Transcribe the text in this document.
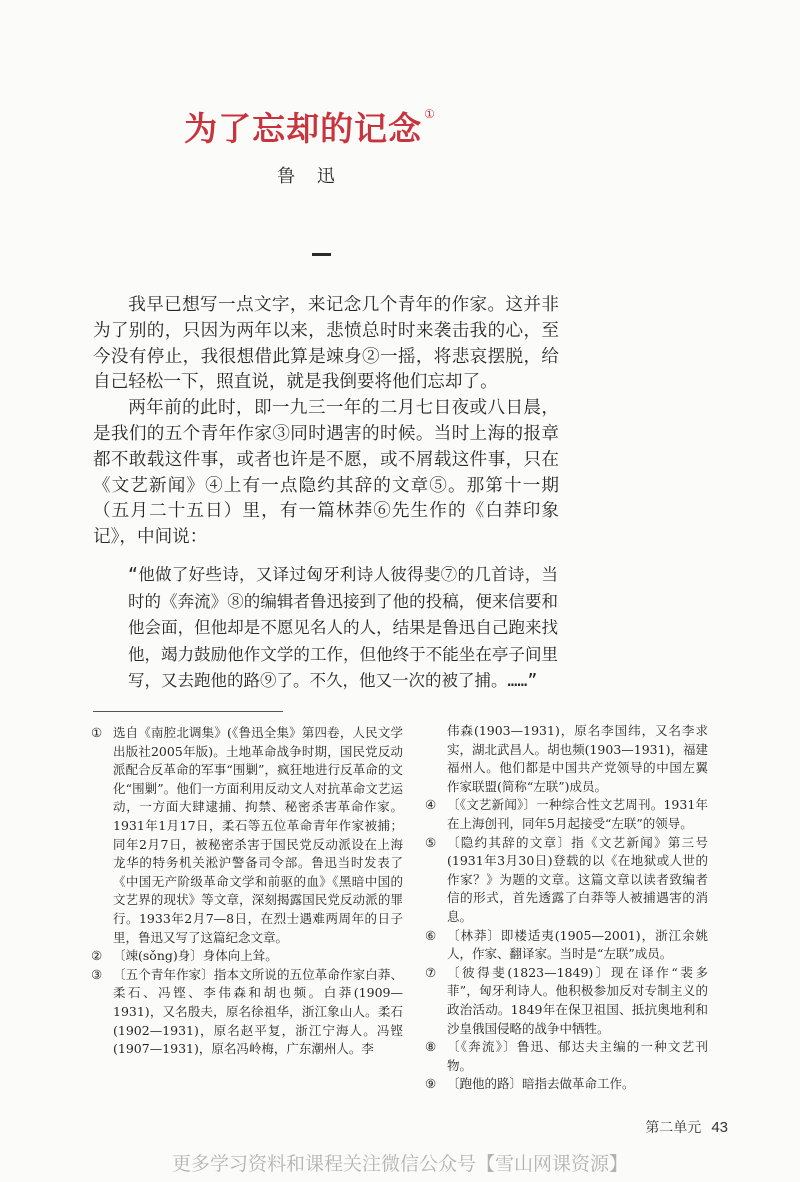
为了忘却的记念 ①
鲁 迅

我早已想写一点文字，来记念几个青年的作家。这并非为了别的，只因为两年以来，悲愤总时时来袭击我的心，至今没有停止，我很想借此算是竦身②一摇，将悲哀摆脱，给自己轻松一下，照直说，就是我倒要将他们忘却了。

两年前的此时，即一九三一年的二月七日夜或八日晨，是我们的五个青年作家③同时遇害的时候。当时上海的报章都不敢载这件事，或者也许是不愿，或不屑载这件事，只在《文艺新闻》④上有一点隐约其辞的文章⑤。那第十一期（五月二十五日）里，有一篇林莽⑥先生作的《白莽印象记》，中间说：

“他做了好些诗，又译过匈牙利诗人彼得斐⑦的几首诗，当时的《奔流》⑧的编辑者鲁迅接到了他的投稿，便来信要和他会面，但他却是不愿见名人的人，结果是鲁迅自己跑来找他，竭力鼓励他作文学的工作，但他终于不能坐在亭子间里写，又去跑他的路⑨了。不久，他又一次的被了捕。……”

① 选自《南腔北调集》(《鲁迅全集》第四卷，人民文学出版社2005年版)。土地革命战争时期，国民党反动派配合反革命的军事“围剿”，疯狂地进行反革命的文化“围剿”。他们一方面利用反动文人对抗革命文艺运动，一方面大肆逮捕、拘禁、秘密杀害革命作家。1931年1月17日，柔石等五位革命青年作家被捕；同年2月7日，被秘密杀害于国民党反动派设在上海龙华的特务机关淞沪警备司令部。鲁迅当时发表了《中国无产阶级革命文学和前驱的血》《黑暗中国的文艺界的现状》等文章，深刻揭露国民党反动派的罪行。1933年2月7—8日，在烈士遇难两周年的日子里，鲁迅又写了这篇纪念文章。

② 〔竦(sǒng)身〕身体向上耸。

③ 〔五个青年作家〕指本文所说的五位革命作家白莽、柔石、冯铿、李伟森和胡也频。白莽(1909—1931)，又名殷夫，原名徐祖华，浙江象山人。柔石(1902—1931)，原名赵平复，浙江宁海人。冯铿(1907—1931)，原名冯岭梅，广东潮州人。李

伟森(1903—1931)，原名李国纬，又名李求实，湖北武昌人。胡也频(1903—1931)，福建福州人。他们都是中国共产党领导的中国左翼作家联盟(简称“左联”)成员。

④ 〔《文艺新闻》〕一种综合性文艺周刊。1931年在上海创刊，同年5月起接受“左联”的领导。

⑤ 〔隐约其辞的文章〕指《文艺新闻》第三号(1931年3月30日)登载的以《在地狱或人世的作家？》为题的文章。这篇文章以读者致编者信的形式，首先透露了白莽等人被捕遇害的消息。

⑥ 〔林莽〕即楼适夷(1905—2001)，浙江余姚人，作家、翻译家。当时是“左联”成员。

⑦ 〔彼得斐(1823—1849)〕现在译作“裴多菲”，匈牙利诗人。他积极参加反对专制主义的政治活动。1849年在保卫祖国、抵抗奥地利和沙皇俄国侵略的战争中牺牲。

⑧ 〔《奔流》〕鲁迅、郁达夫主编的一种文艺刊物。

⑨ 〔跑他的路〕暗指去做革命工作。

第二单元 43
更多学习资料和课程关注微信公众号【雪山网课资源】
